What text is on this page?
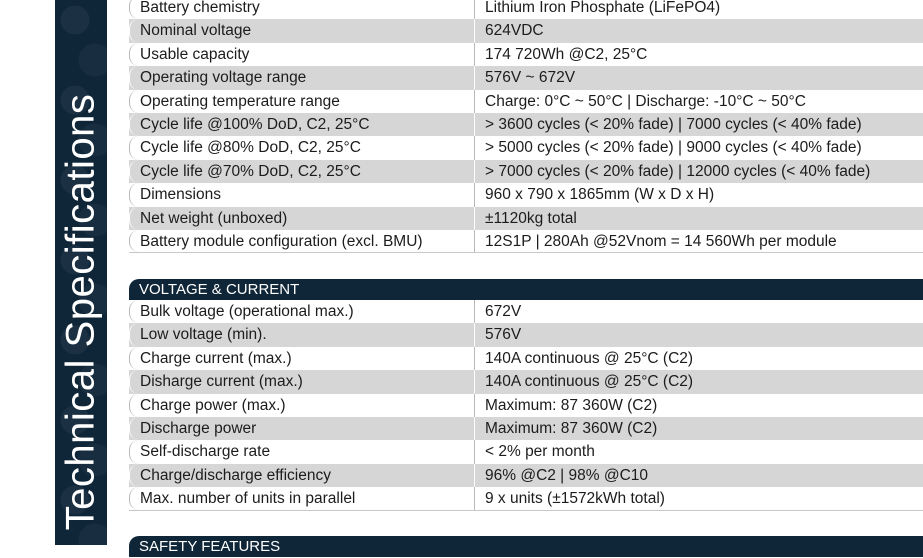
Technical Specifications
Battery chemistry	Lithium Iron Phosphate (LiFePO4)
Nominal voltage	624VDC
Usable capacity	174 720Wh @C2, 25°C
Operating voltage range	576V ~ 672V
Operating temperature range	Charge: 0°C ~ 50°C | Discharge: -10°C ~ 50°C
Cycle life @100% DoD, C2, 25°C	> 3600 cycles (< 20% fade) | 7000 cycles (< 40% fade)
Cycle life @80% DoD, C2, 25°C	> 5000 cycles (< 20% fade) | 9000 cycles (< 40% fade)
Cycle life @70% DoD, C2, 25°C	> 7000 cycles (< 20% fade) | 12000 cycles (< 40% fade)
Dimensions	960 x 790 x 1865mm (W x D x H)
Net weight (unboxed)	±1120kg total
Battery module configuration (excl. BMU)	12S1P | 280Ah @52Vnom = 14 560Wh per module
VOLTAGE & CURRENT
Bulk voltage (operational max.)	672V
Low voltage (min).	576V
Charge current (max.)	140A continuous @ 25°C (C2)
Disharge current (max.)	140A continuous @ 25°C (C2)
Charge power (max.)	Maximum: 87 360W (C2)
Discharge power	Maximum: 87 360W (C2)
Self-discharge rate	< 2% per month
Charge/discharge efficiency	96% @C2 | 98% @C10
Max. number of units in parallel	9 x units (±1572kWh total)
SAFETY FEATURES
